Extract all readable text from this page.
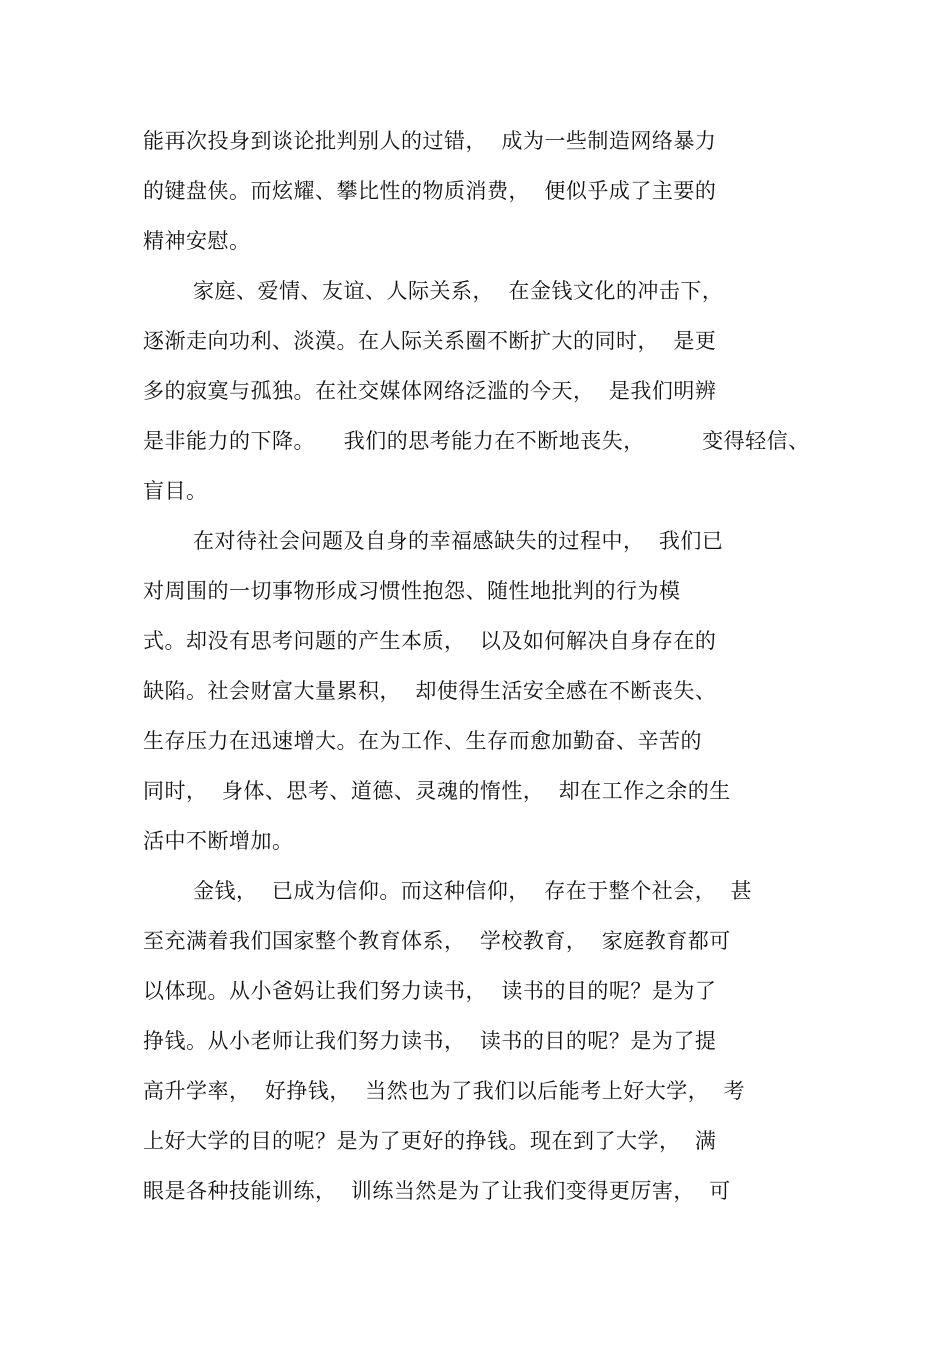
能再次投身到谈论批判别人的过错，  成为一些制造网络暴力
的键盘侠。而炫耀、攀比性的物质消费，  便似乎成了主要的
精神安慰。
家庭、爱情、友谊、人际关系，  在金钱文化的冲击下，
逐渐走向功利、淡漠。在人际关系圈不断扩大的同时，  是更
多的寂寞与孤独。在社交媒体网络泛滥的今天，  是我们明辨
是非能力的下降。    我们的思考能力在不断地丧失，        变得轻信、
盲目。
在对待社会问题及自身的幸福感缺失的过程中，  我们已
对周围的一切事物形成习惯性抱怨、随性地批判的行为模
式。却没有思考问题的产生本质，  以及如何解决自身存在的
缺陷。社会财富大量累积，  却使得生活安全感在不断丧失、
生存压力在迅速增大。在为工作、生存而愈加勤奋、辛苦的
同时，  身体、思考、道德、灵魂的惰性，  却在工作之余的生
活中不断增加。
金钱，  已成为信仰。而这种信仰，  存在于整个社会，  甚
至充满着我们国家整个教育体系，  学校教育，  家庭教育都可
以体现。从小爸妈让我们努力读书，  读书的目的呢？是为了
挣钱。从小老师让我们努力读书，  读书的目的呢？是为了提
高升学率，  好挣钱，  当然也为了我们以后能考上好大学，  考
上好大学的目的呢？是为了更好的挣钱。现在到了大学，  满
眼是各种技能训练，  训练当然是为了让我们变得更厉害，  可
